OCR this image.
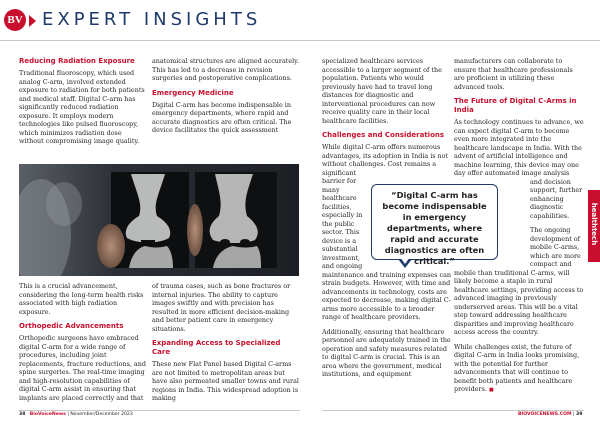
BV EXPERT INSIGHTS
Reducing Radiation Exposure

Traditional fluoroscopy, which used analog C-arm, involved extended exposure to radiation for both patients and medical staff. Digital C-arm has significantly reduced radiation exposure. It employs modern technologies like pulsed fluoroscopy, which minimizes radiation dose without compromising image quality.

anatomical structures are aligned accurately. This has led to a decrease in revision surgeries and postoperative complications.

Emergency Medicine

Digital C-arm has become indispensable in emergency departments, where rapid and accurate diagnostics are often critical. The device facilitates the quick assessment

This is a crucial advancement, considering the long-term health risks associated with high radiation exposure.

Orthopedic Advancements

Orthopedic surgeons have embraced digital C-arm for a wide range of procedures, including joint replacements, fracture reductions, and spine surgeries. The real-time imaging and high-resolution capabilities of digital C-arm assist in ensuring that implants are placed correctly and that

of trauma cases, such as bone fractures or internal injuries. The ability to capture images swiftly and with precision has resulted in more efficient decision-making and better patient care in emergency situations.

Expanding Access to Specialized Care

These new Flat Panel based Digital C-arms are not limited to metropolitan areas but have also permeated smaller towns and rural regions in India. This widespread adoption is making

specialized healthcare services accessible to a larger segment of the population. Patients who would previously have had to travel long distances for diagnostic and interventional procedures can now receive quality care in their local healthcare facilities.

Challenges and Considerations

While digital C-arm offers numerous advantages, its adoption in India is not without challenges. Cost remains a

significant barrier for many healthcare facilities, especially in the public sector. This device is a substantial investment, and ongoing

maintenance and training expenses can strain budgets. However, with time and advancements in technology, costs are expected to decrease, making digital C-arms more accessible to a broader range of healthcare providers.

Additionally, ensuring that healthcare personnel are adequately trained in the operation and safety measures related to digital C-arm is crucial. This is an area where the government, medical institutions, and equipment

manufacturers can collaborate to ensure that healthcare professionals are proficient in utilizing these advanced tools.

The Future of Digital C-Arms in India

As technology continues to advance, we can expect digital C-arm to become even more integrated into the healthcare landscape in India. With the advent of artificial intelligence and machine learning, this device may one day offer automated image analysis

and decision support, further enhancing diagnostic capabilities.

The ongoing development of mobile C-arms, which are more compact and

mobile than traditional C-arms, will likely become a staple in rural healthcare settings, providing access to advanced imaging in previously underserved areas. This will be a vital step toward addressing healthcare disparities and improving healthcare access across the country.

While challenges exist, the future of digital C-arm in India looks promising, with the potential for further advancements that will continue to benefit both patients and healthcare providers. ■

“Digital C-arm has become indispensable in emergency departments, where rapid and accurate diagnostics are often critical.”
healthtech
38 BioVoiceNews | November/December 2023	BIOVOICENEWS.COM | 39
